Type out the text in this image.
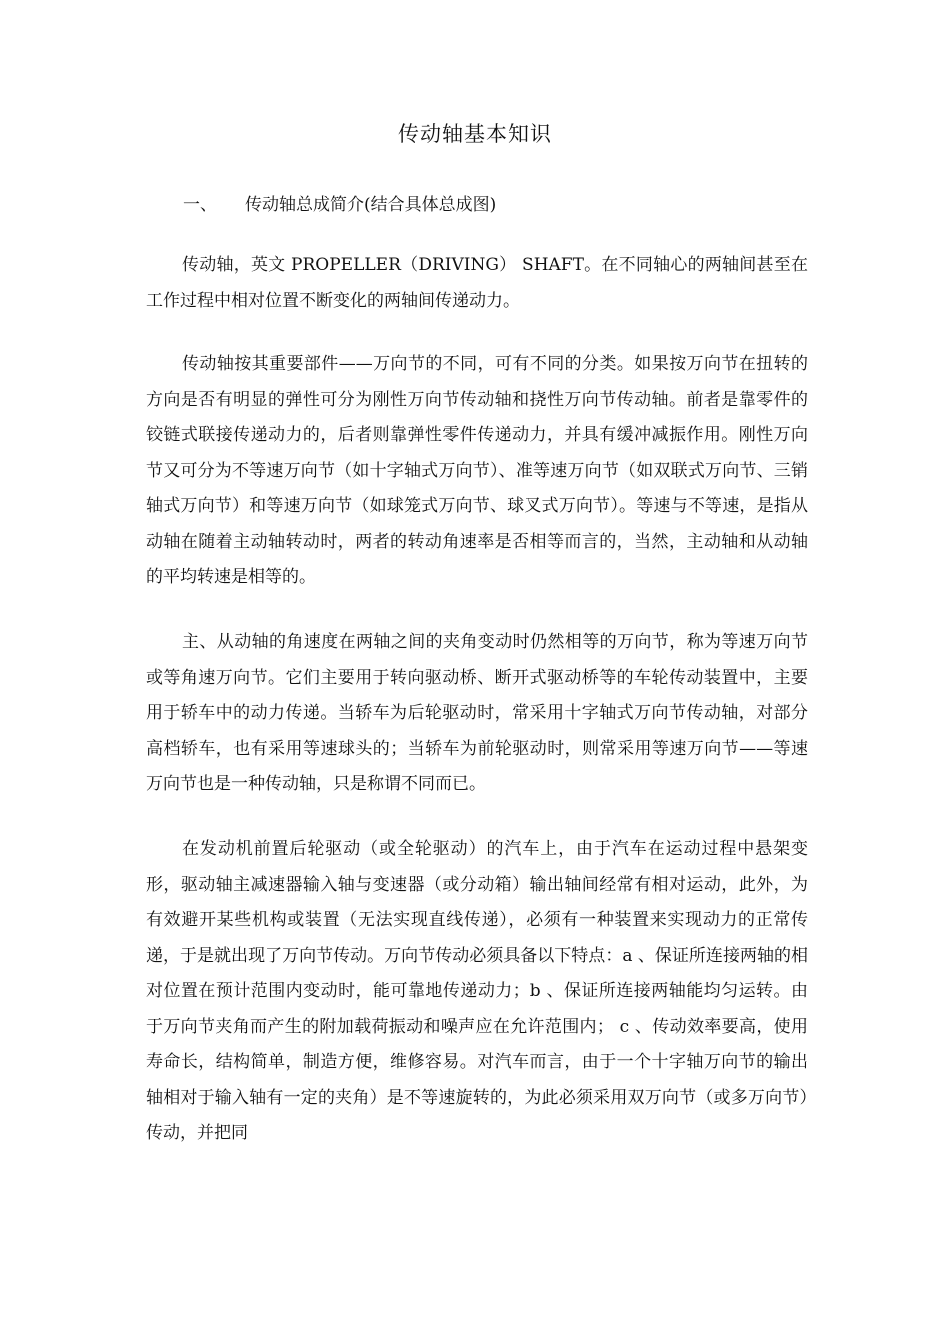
传动轴基本知识
一、 传动轴总成简介(结合具体总成图)

传动轴，英文 PROPELLER（DRIVING） SHAFT。在不同轴心的两轴间甚至在工作过程中相对位置不断变化的两轴间传递动力。

传动轴按其重要部件——万向节的不同，可有不同的分类。如果按万向节在扭转的方向是否有明显的弹性可分为刚性万向节传动轴和挠性万向节传动轴。前者是靠零件的铰链式联接传递动力的，后者则靠弹性零件传递动力，并具有缓冲减振作用。刚性万向节又可分为不等速万向节（如十字轴式万向节）、准等速万向节（如双联式万向节、三销轴式万向节）和等速万向节（如球笼式万向节、球叉式万向节）。等速与不等速，是指从动轴在随着主动轴转动时，两者的转动角速率是否相等而言的，当然，主动轴和从动轴的平均转速是相等的。

主、从动轴的角速度在两轴之间的夹角变动时仍然相等的万向节，称为等速万向节或等角速万向节。它们主要用于转向驱动桥、断开式驱动桥等的车轮传动装置中，主要用于轿车中的动力传递。当轿车为后轮驱动时，常采用十字轴式万向节传动轴，对部分高档轿车，也有采用等速球头的；当轿车为前轮驱动时，则常采用等速万向节——等速万向节也是一种传动轴，只是称谓不同而已。

在发动机前置后轮驱动（或全轮驱动）的汽车上，由于汽车在运动过程中悬架变形，驱动轴主减速器输入轴与变速器（或分动箱）输出轴间经常有相对运动，此外，为有效避开某些机构或装置（无法实现直线传递），必须有一种装置来实现动力的正常传递，于是就出现了万向节传动。万向节传动必须具备以下特点：a 、保证所连接两轴的相对位置在预计范围内变动时，能可靠地传递动力；b 、保证所连接两轴能均匀运转。由于万向节夹角而产生的附加载荷振动和噪声应在允许范围内； c 、传动效率要高，使用寿命长，结构简单，制造方便，维修容易。对汽车而言，由于一个十字轴万向节的输出轴相对于输入轴有一定的夹角）是不等速旋转的，为此必须采用双万向节（或多万向节）传动，并把同
